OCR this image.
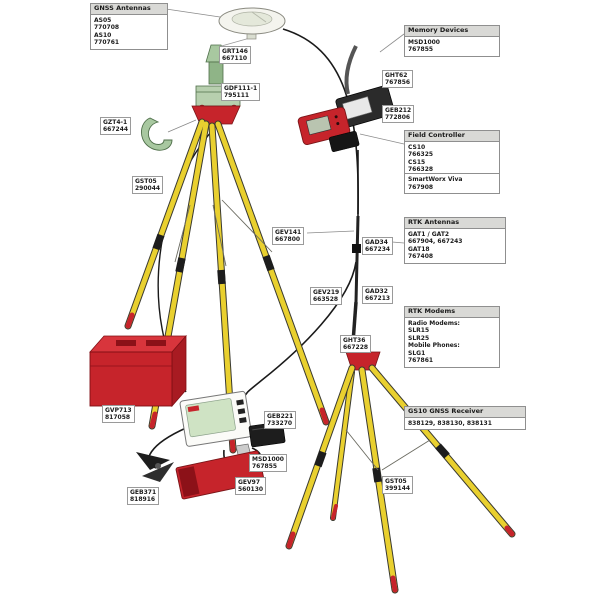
GNSS Antennas
AS05
770708
AS10
770761
Memory Devices
MSD1000
767855
Field Controller
CS10
766325
CS15
766328
SmartWorx Viva
767908
RTK Antennas
GAT1 / GAT2
667904, 667243
GAT18
767408
RTK Modems
Radio Modems:
SLR15
SLR25
Mobile Phones:
SLG1
767861
GS10 GNSS Receiver
838129, 838130, 838131
GRT146
667110
GDF111-1
795111
GZT4-1
667244
GST05
290044
GEV141
667800	GAD34
667234
GEV219
663528
GAD32
667213
GHT36
667228
GVP713
817058	GEB221
733270
MSD1000
767855
GEV97
560130
GEB371
818916
GHT62
767856
GEB212
772806
GST05
399144
